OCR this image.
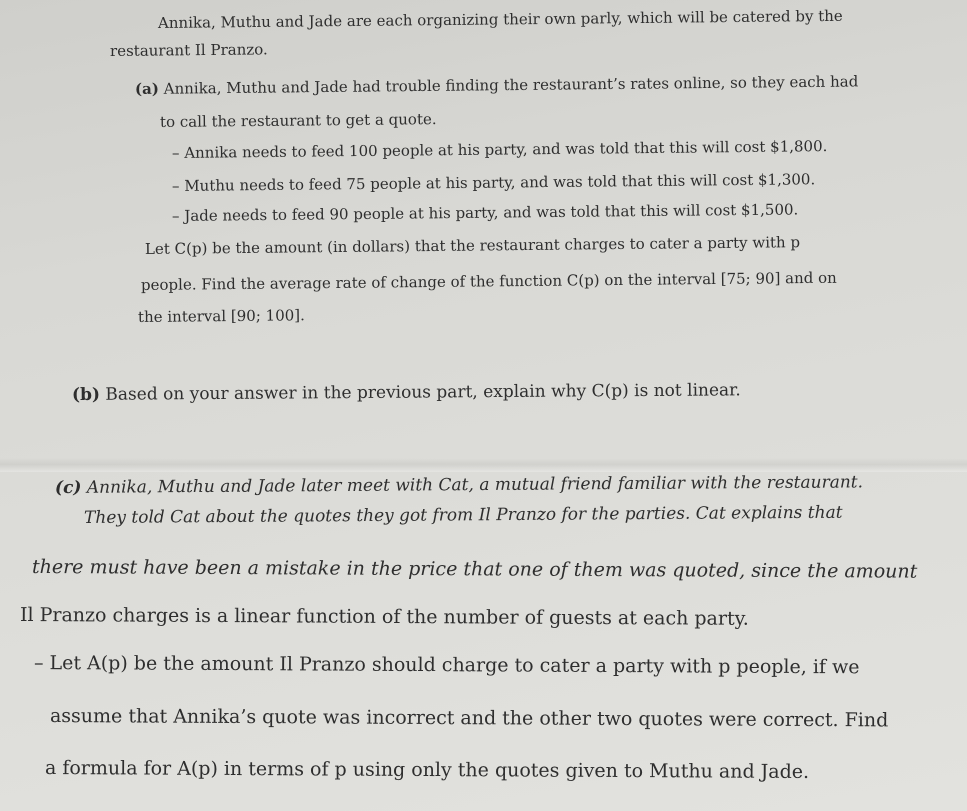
Annika, Muthu and Jade are each organizing their own parly, which will be catered by the
restaurant Il Pranzo.
(a) Annika, Muthu and Jade had trouble finding the restaurant’s rates online, so they each had
to call the restaurant to get a quote.
– Annika needs to feed 100 people at his party, and was told that this will cost $1,800.
– Muthu needs to feed 75 people at his party, and was told that this will cost $1,300.
– Jade needs to feed 90 people at his party, and was told that this will cost $1,500.
Let C(p) be the amount (in dollars) that the restaurant charges to cater a party with p
people. Find the average rate of change of the function C(p) on the interval [75; 90] and on
the interval [90; 100].
(b) Based on your answer in the previous part, explain why C(p) is not linear.
(c) Annika, Muthu and Jade later meet with Cat, a mutual friend familiar with the restaurant.
They told Cat about the quotes they got from Il Pranzo for the parties. Cat explains that
there must have been a mistake in the price that one of them was quoted, since the amount
Il Pranzo charges is a linear function of the number of guests at each party.
– Let A(p) be the amount Il Pranzo should charge to cater a party with p people, if we
assume that Annika’s quote was incorrect and the other two quotes were correct. Find
a formula for A(p) in terms of p using only the quotes given to Muthu and Jade.
